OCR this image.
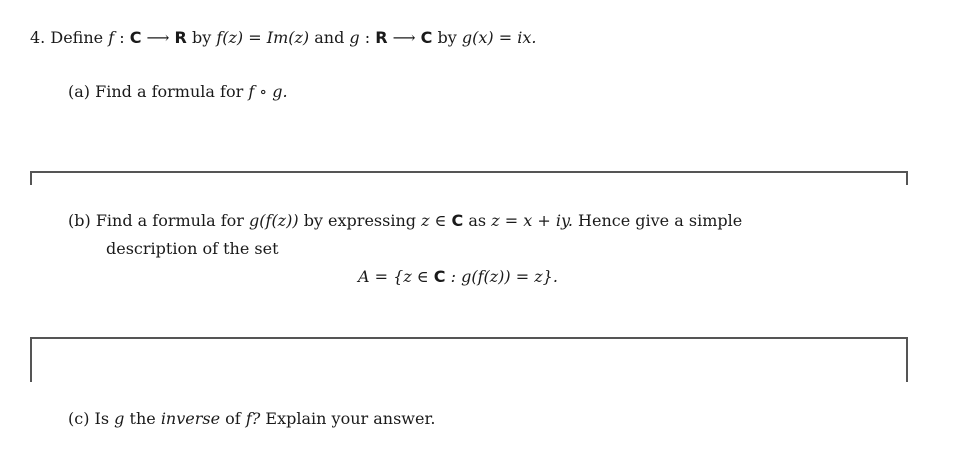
4. Define f : C ⟶ R by f(z) = Im(z) and g : R ⟶ C by g(x) = ix.
(a) Find a formula for f ∘ g.
(b) Find a formula for g(f(z)) by expressing z ∈ C as z = x + iy. Hence give a simple
description of the set
A = {z ∈ C : g(f(z)) = z}.
(c) Is g the inverse of f? Explain your answer.
